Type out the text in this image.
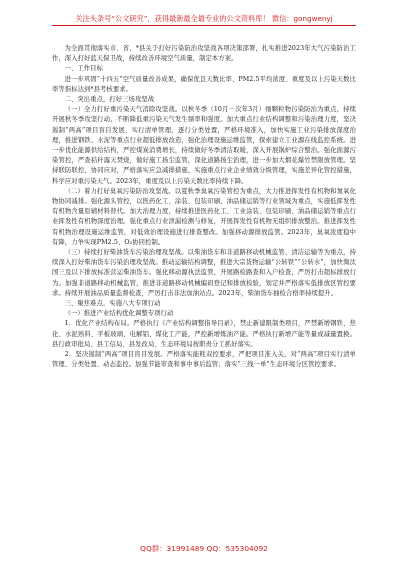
关注头条号“公文研究”，获得最新最全最专业的公文资料库！ 微信：gongwenyj

为全面贯彻落实市、省、*县关于打好污染防治攻坚战各项决策部署，扎实推进2023年大气污染防治工作，深入打好蓝天保卫战，持续改善环境空气质量，制定本方案。

一、工作目标

进一步巩固“十四五”空气质量改善成果，确保优良天数比率、PM2.5平均浓度、重度及以上污染天数比率等指标达到*县考核要求。

二、突出重点，打好三场攻坚战

（一）全力打好重污染天气消除攻坚战。以秋冬季（10月－次年3月）细颗粒物污染防治为重点，持续开展秋冬季攻坚行动，不断降低重污染天气发生频率和强度。加大重点行业结构调整和污染治理力度，坚决遏制“两高”项目盲目发展，实行清单管理，逐行分类处置，严格环境准入，加快实施工业污染排放深度治理，推进钢铁、水泥等重点行业超低排放改造，强化治理设施运维监管，探索建立工业源在线监控系统。进一步优化能源供给结构，严控煤炭消费增长，持续做好冬季清洁取暖，深入开展锅炉综合整治。强化面源污染管控，严查秸秆露天焚烧，做好施工扬尘监管，深化道路扬尘治理，进一步加大烟花爆竹禁限放管理。坚持联防联控，协同应对，严格落实应急减排措施，实施重点行业企业绩效分级管理，实施差异化管控措施，科学应对重污染天气。2023年，重度及以上污染天数比率持续下降。

（二）着力打好臭氧污染防治攻坚战。以夏秋季臭氧污染管控为重点，大力推进挥发性有机物和氮氧化物协同减排。强化源头管控，以医药化工、涂装、包装印刷、油品储运销等行业领域为重点，实施低挥发性有机物含量原辅材料替代。加大治理力度，持续推进医药化工、工业涂装、包装印刷、油品储运销等重点行业挥发性有机物深度治理。强化重点行业泄漏检测与修复，开展挥发性有机物无组织排放整治。推进挥发性有机物治理设施运维监管，对低效治理设施进行排查整改。加强移动源排放监管。2023年，臭氧浓度稳中有降，力争实现PM2.5、O₃协同控制。

（三）持续打好柴油货车污染治理攻坚战。以柴油货车和非道路移动机械监管、清洁运输等为重点，持续深入打好柴油货车污染治理攻坚战。推动运输结构调整，推进大宗货物运输“公转铁”“公转水”，加快淘汰国三及以下排放标准营运柴油货车。强化移动源执法监管，开展路检路查和入户检查，严厉打击超标排放行为。加强非道路移动机械监管，推进非道路移动机械编码登记和排放检验，划定并严格落实低排放区管控要求。持续开展油品质量监督检查，严厉打击非法加油站点。2023年，柴油货车抽检合格率持续提升。

三、聚焦难点，实施八大专项行动

（一）推进产业结构优化调整专项行动

1．优化产业结构布局。严格执行《产业结构调整指导目录》，禁止新建限制类项目，严禁新增钢铁、焦化、水泥熟料、平板玻璃、电解铝、煤化工产能，严控新增炼油产能。严格执行新增产能等量或减量置换。县行政审批局、县工信局、县发改局、生态环境局按职责分工抓好落实。

2．坚决遏制“两高”项目盲目发展。严格落实能耗双控要求，严把项目准入关，对“两高”项目实行清单管理、分类处置、动态监控。加强节能审查和事中事后监管；落实“三线一单”生态环境分区管控要求。

QQ群：31991489 QQ：535304092
